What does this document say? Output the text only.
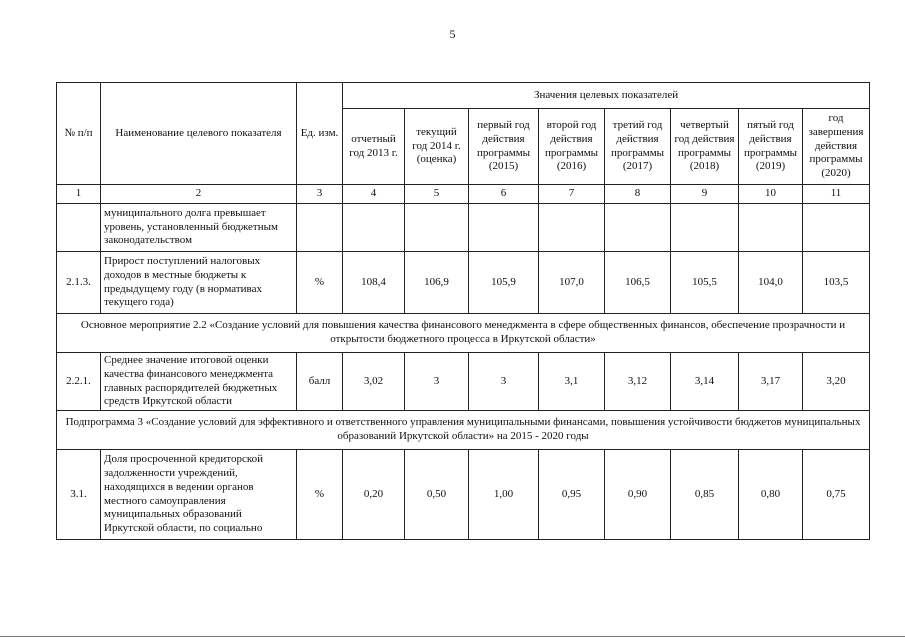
5
№ п/п	Наименование целевого показателя	Ед. изм.	Значения целевых показателей							
			отчетный год 2013 г.	текущий год 2014 г. (оценка)	первый год действия программы (2015)	второй год действия программы (2016)	третий год действия программы (2017)	четвертый год действия программы (2018)	пятый год действия программы (2019)	год завершения действия программы (2020)
1	2	3	4	5	6	7	8	9	10	11
	муниципального долга превышает уровень, установленный бюджетным законодательством									
2.1.3.	Прирост поступлений налоговых доходов в местные бюджеты к предыдущему году (в нормативах текущего года)	%	108,4	106,9	105,9	107,0	106,5	105,5	104,0	103,5
Основное мероприятие 2.2 «Создание условий для повышения качества финансового менеджмента в сфере общественных финансов, обеспечение прозрачности и открытости бюджетного процесса в Иркутской области»										
2.2.1.	Среднее значение итоговой оценки качества финансового менеджмента главных распорядителей бюджетных средств Иркутской области	балл	3,02	3	3	3,1	3,12	3,14	3,17	3,20
Подпрограмма 3 «Создание условий для эффективного и ответственного управления муниципальными финансами, повышения устойчивости бюджетов муниципальных образований Иркутской области» на 2015 - 2020 годы										
3.1.	Доля просроченной кредиторской задолженности учреждений, находящихся в ведении органов местного самоуправления муниципальных образований Иркутской области, по социально	%	0,20	0,50	1,00	0,95	0,90	0,85	0,80	0,75
